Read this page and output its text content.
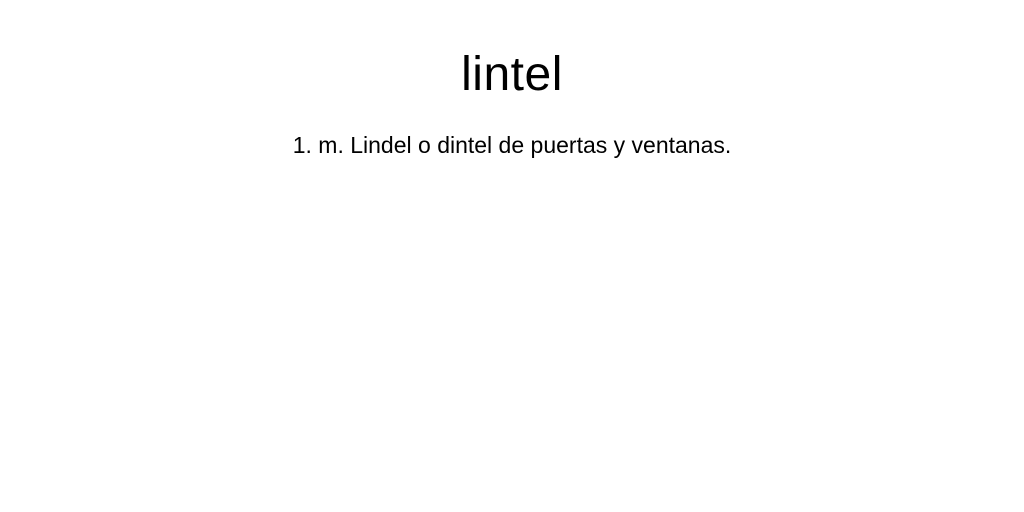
lintel

1. m. Lindel o dintel de puertas y ventanas.
